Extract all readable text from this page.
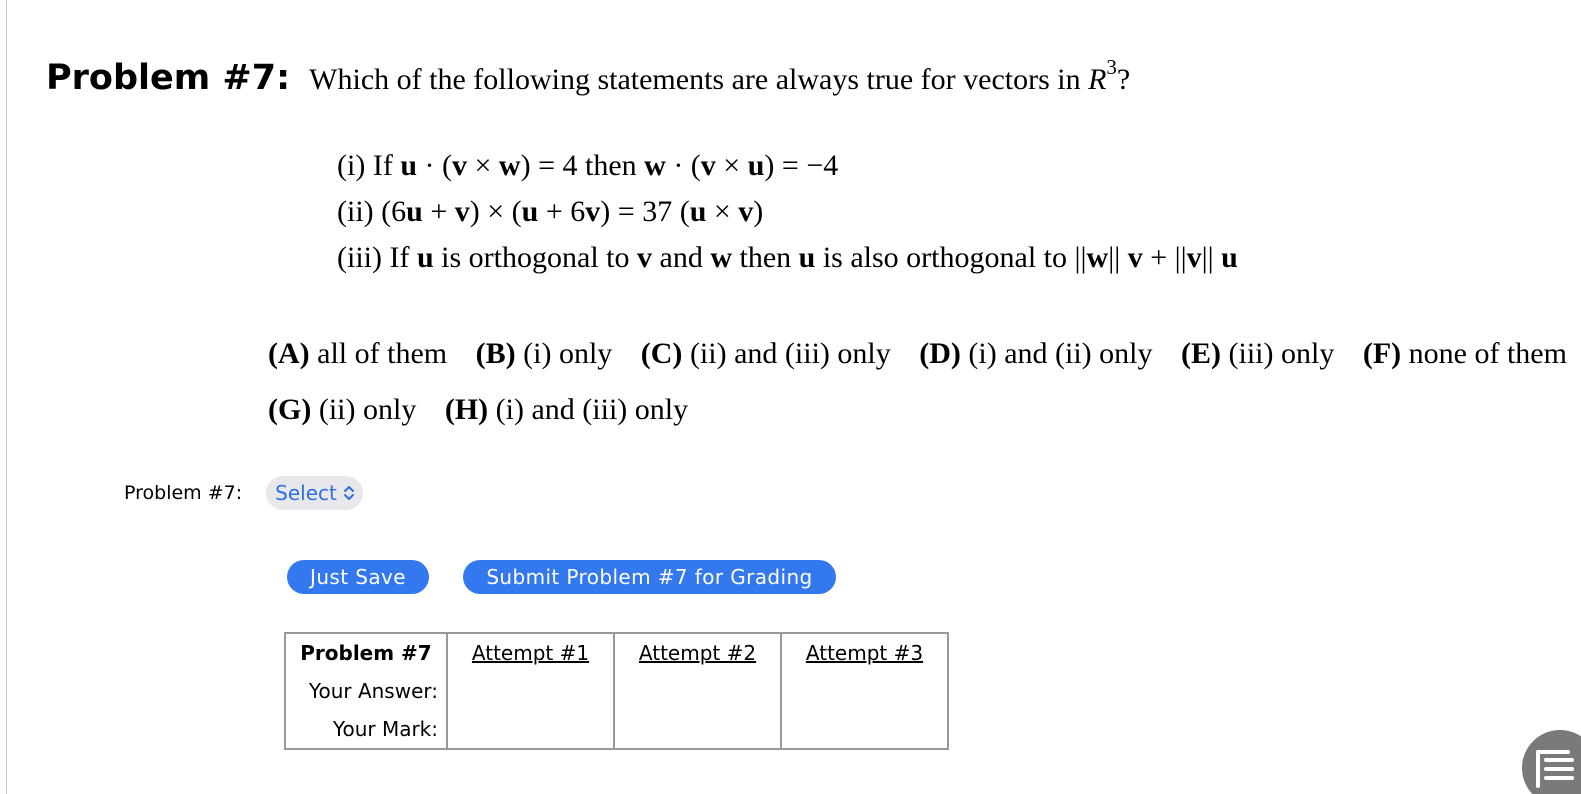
Problem #7: Which of the following statements are always true for vectors in $R^3$?
(i) If u · (v × w) = 4 then w · (v × u) = −4
(ii) (6u + v) × (u + 6v) = 37 (u × v)
(iii) If u is orthogonal to v and w then u is also orthogonal to ||w|| v + ||v|| u
(A) all of them (B) (i) only (C) (ii) and (iii) only (D) (i) and (ii) only (E) (iii) only (F) none of them
(G) (ii) only (H) (i) and (iii) only
Problem #7: Select
Just Save	Submit Problem #7 for Grading
Problem #7	Attempt #1	Attempt #2	Attempt #3
Your Answer:			
Your Mark:			
